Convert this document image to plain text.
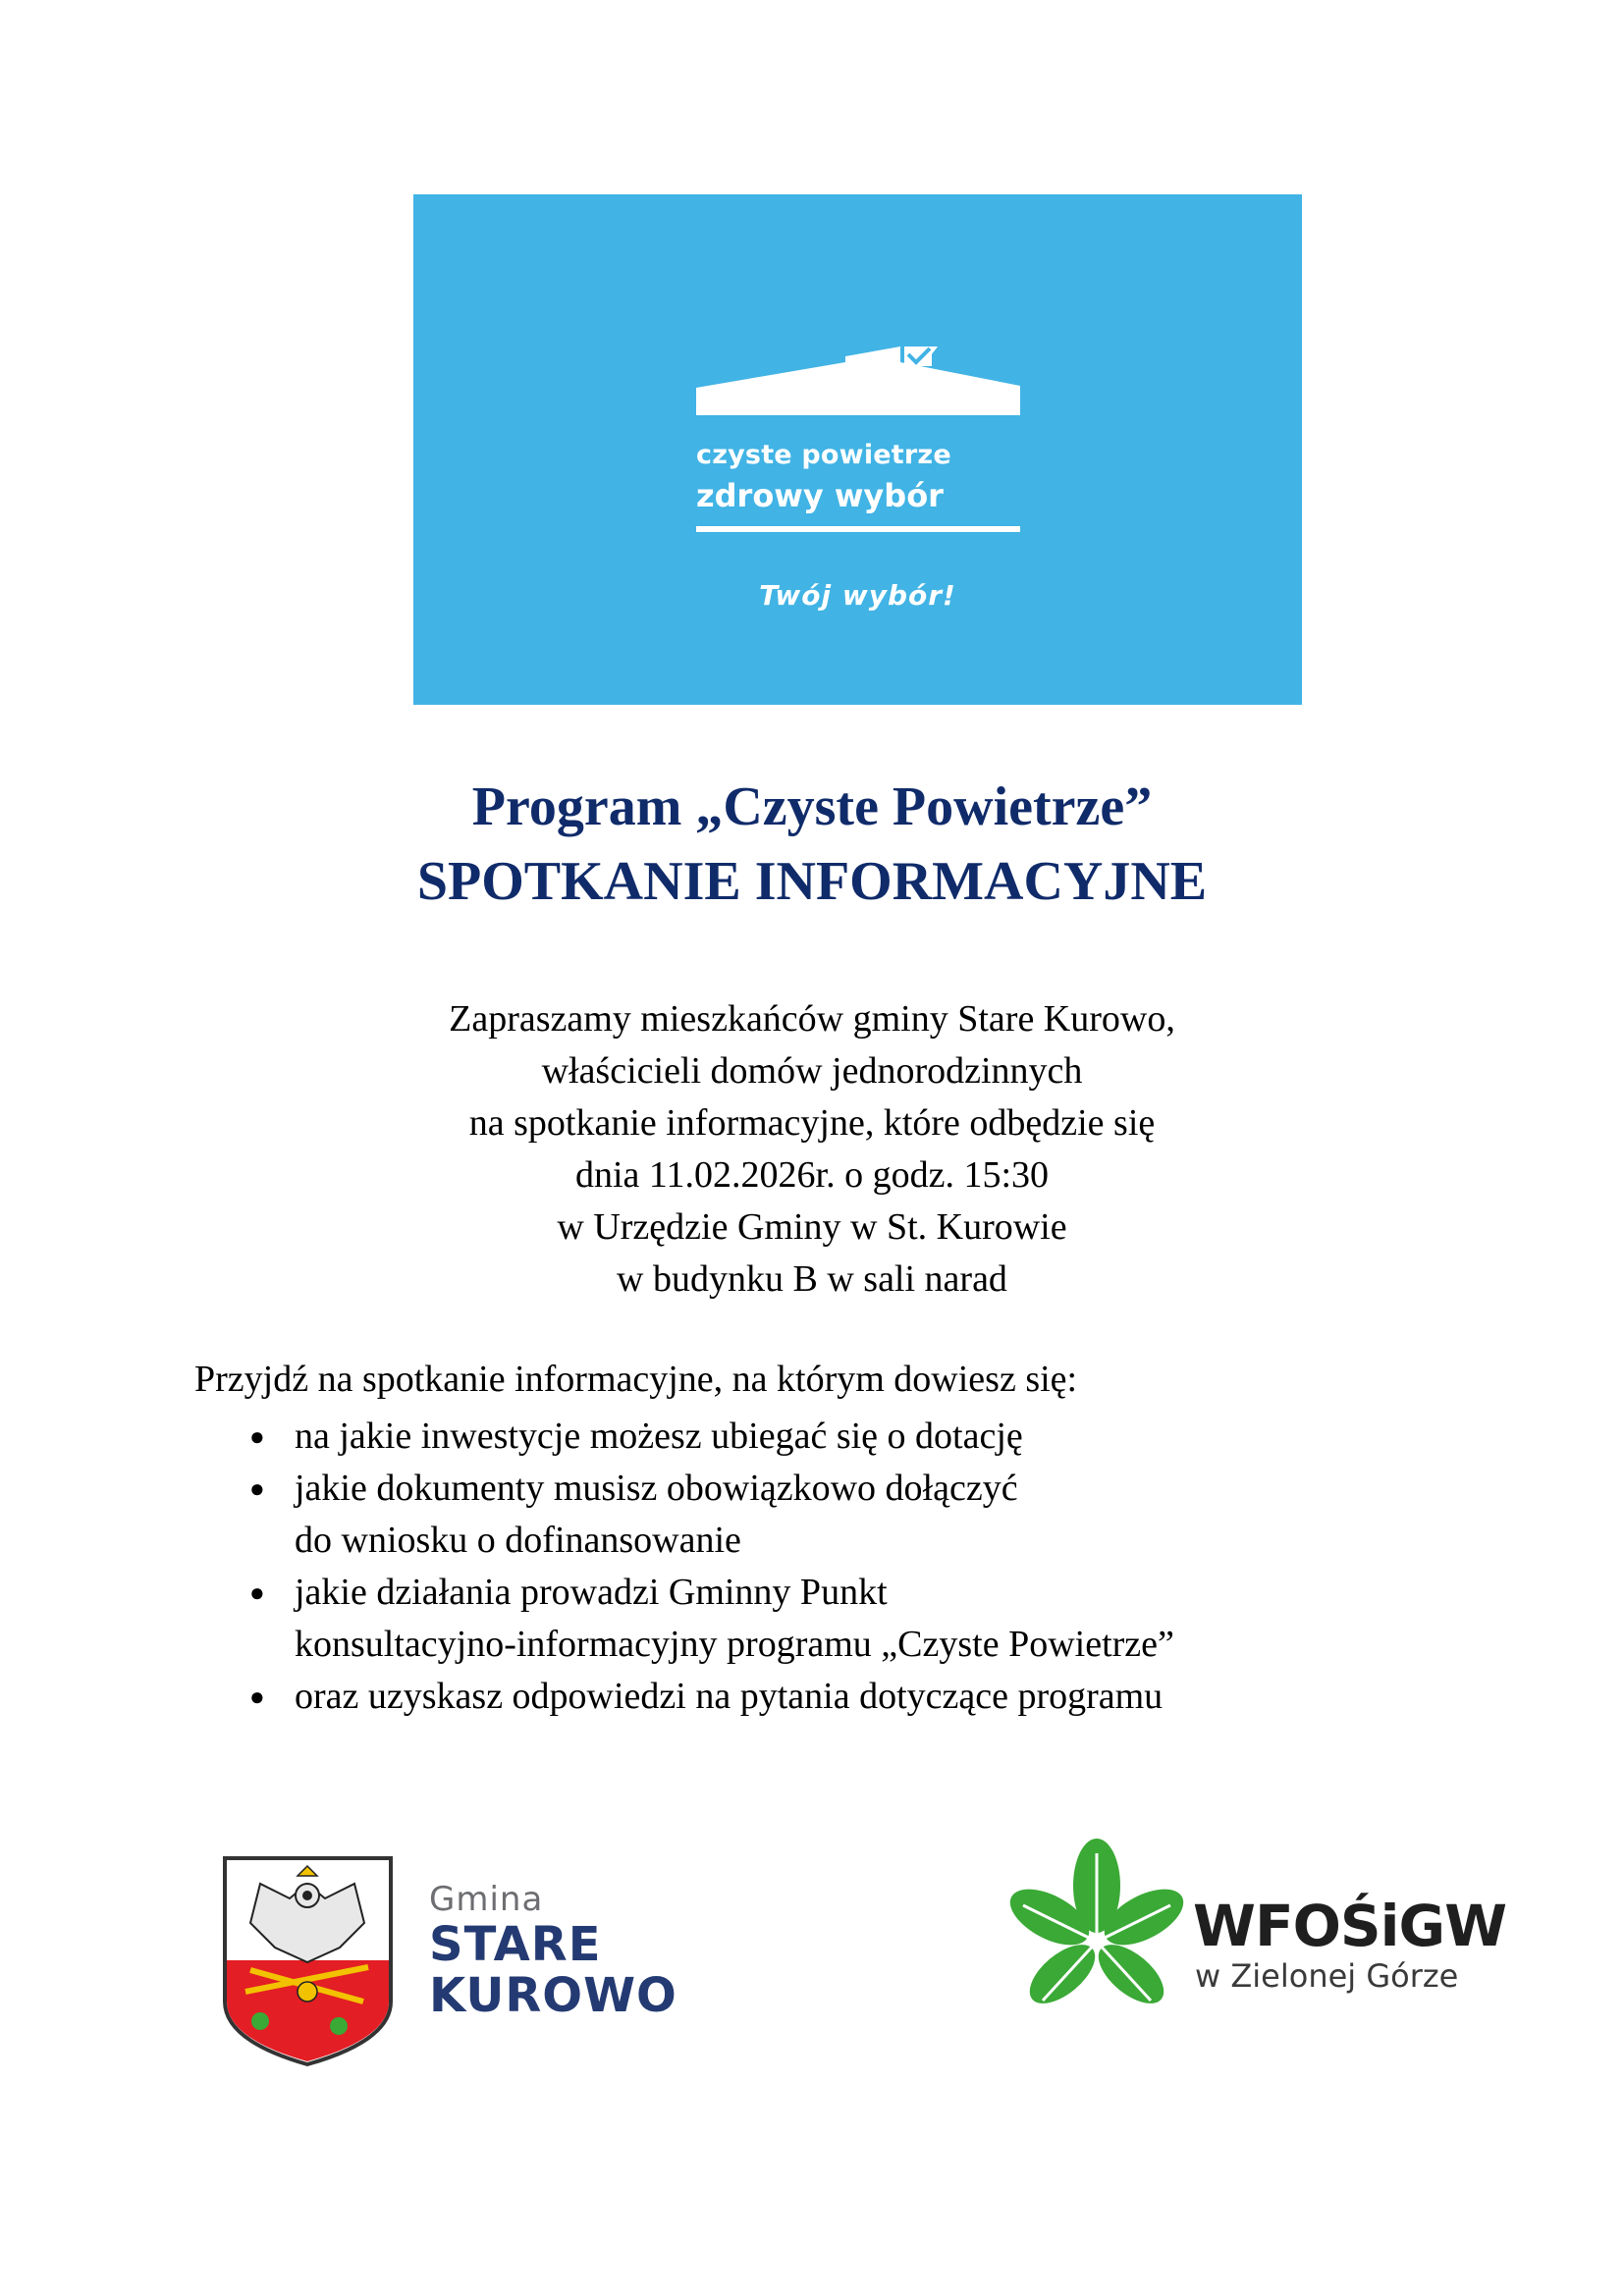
czyste powietrze
zdrowy wybór
Twój wybór!
Program „Czyste Powietrze”
SPOTKANIE INFORMACYJNE
Zapraszamy mieszkańców gminy Stare Kurowo,
właścicieli domów jednorodzinnych
na spotkanie informacyjne, które odbędzie się
dnia 11.02.2026r. o godz. 15:30
w Urzędzie Gminy w St. Kurowie
w budynku B w sali narad
Przyjdź na spotkanie informacyjne, na którym dowiesz się:
● na jakie inwestycje możesz ubiegać się o dotację
● jakie dokumenty musisz obowiązkowo dołączyć
do wniosku o dofinansowanie
● jakie działania prowadzi Gminny Punkt
konsultacyjno-informacyjny programu „Czyste Powietrze”
● oraz uzyskasz odpowiedzi na pytania dotyczące programu
Gmina
STARE
KUROWO
WFOŚiGW
w Zielonej Górze
